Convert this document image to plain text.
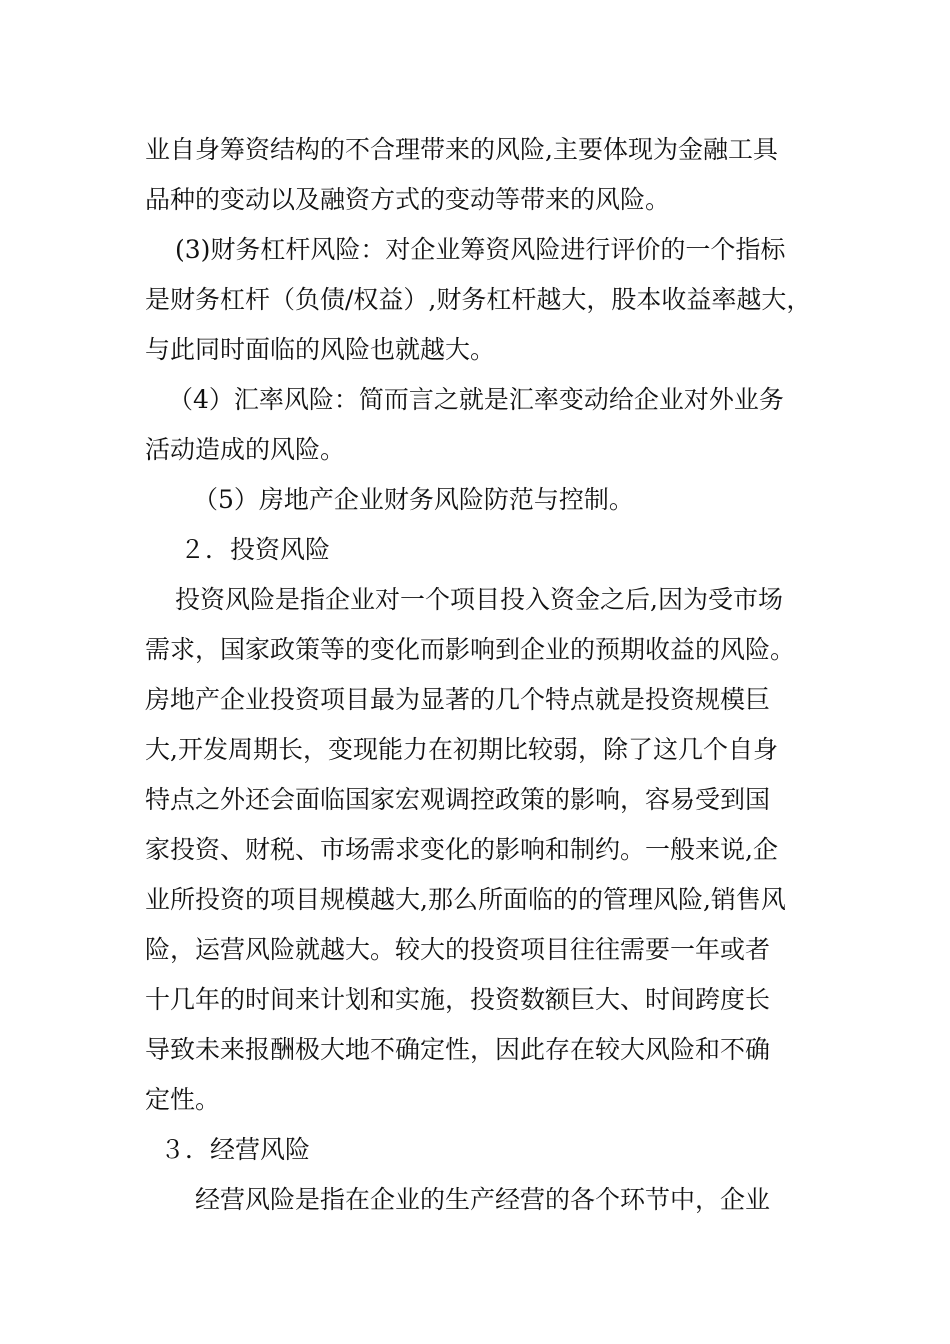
业自身筹资结构的不合理带来的风险,主要体现为金融工具
品种的变动以及融资方式的变动等带来的风险。
(3)财务杠杆风险：对企业筹资风险进行评价的一个指标
是财务杠杆（负债/权益）,财务杠杆越大，股本收益率越大，
与此同时面临的风险也就越大。
（4）汇率风险：简而言之就是汇率变动给企业对外业务
活动造成的风险。
（5）房地产企业财务风险防范与控制。
２．投资风险
投资风险是指企业对一个项目投入资金之后,因为受市场
需求，国家政策等的变化而影响到企业的预期收益的风险。
房地产企业投资项目最为显著的几个特点就是投资规模巨
大,开发周期长，变现能力在初期比较弱，除了这几个自身
特点之外还会面临国家宏观调控政策的影响，容易受到国
家投资、财税、市场需求变化的影响和制约。一般来说,企
业所投资的项目规模越大,那么所面临的的管理风险,销售风
险，运营风险就越大。较大的投资项目往往需要一年或者
十几年的时间来计划和实施，投资数额巨大、时间跨度长
导致未来报酬极大地不确定性，因此存在较大风险和不确
定性。
３．经营风险
经营风险是指在企业的生产经营的各个环节中，企业
